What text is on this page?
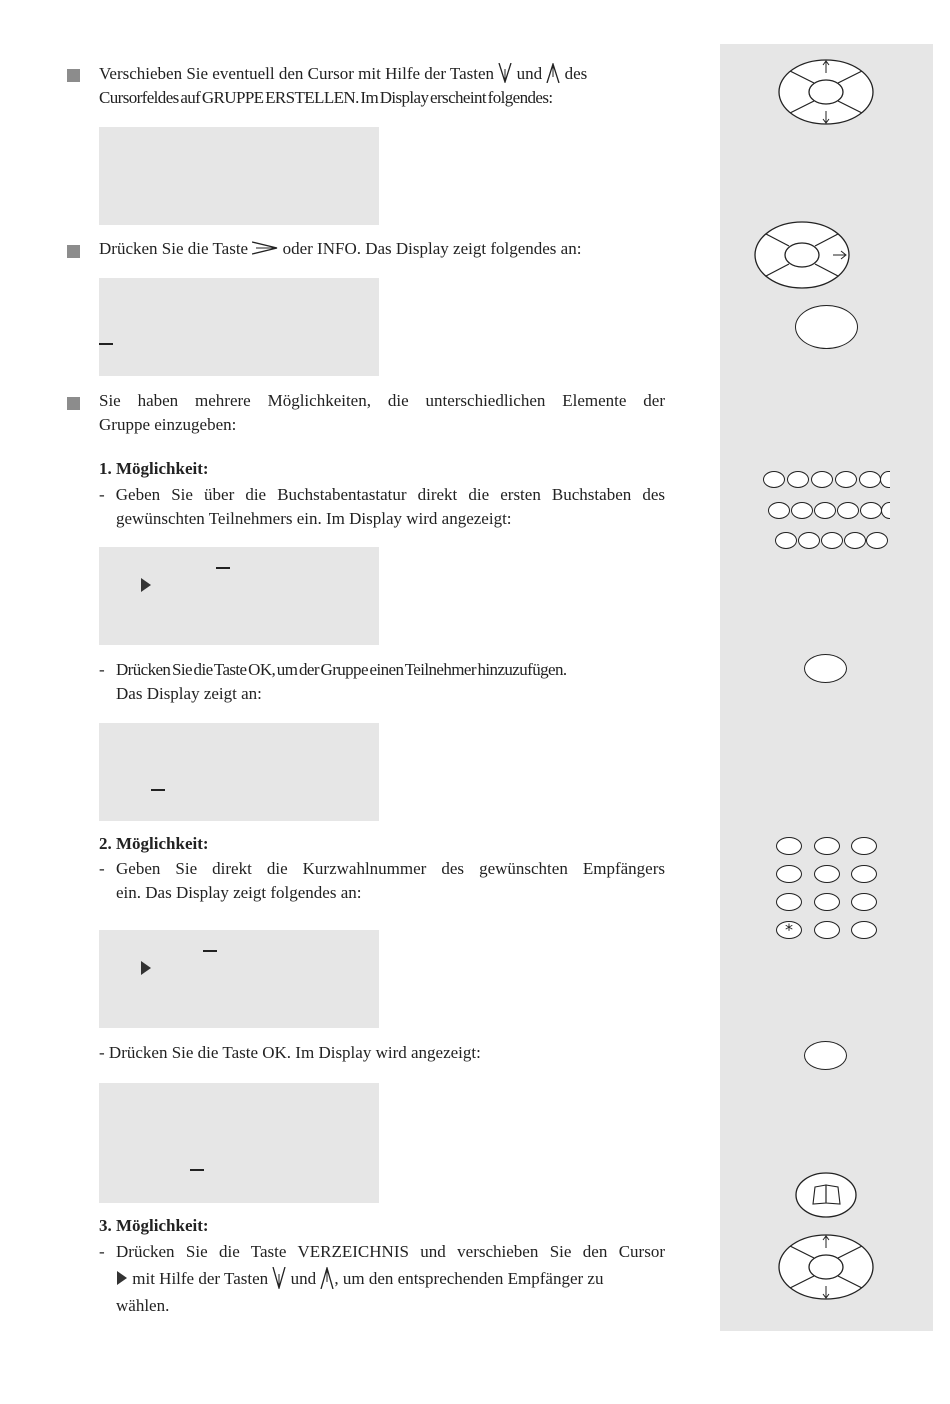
Verschieben Sie eventuell den Cursor mit Hilfe der Tasten und des
Cursorfeldes auf GRUPPE ERSTELLEN. Im Display erscheint folgendes:
Drücken Sie die Taste oder INFO. Das Display zeigt folgendes an:
Sie haben mehrere Möglichkeiten, die unterschiedlichen Elemente der
Gruppe einzugeben:
1. Möglichkeit:
- Geben Sie über die Buchstabentastatur direkt die ersten Buchstaben des
gewünschten Teilnehmers ein. Im Display wird angezeigt:
- Drücken Sie die Taste OK, um der Gruppe einen Teilnehmer hinzuzufügen.
Das Display zeigt an:
2. Möglichkeit:
- Geben Sie direkt die Kurzwahlnummer des gewünschten Empfängers
ein. Das Display zeigt folgendes an:
- Drücken Sie die Taste OK. Im Display wird angezeigt:
3. Möglichkeit:
- Drücken Sie die Taste VERZEICHNIS und verschieben Sie den Cursor
mit Hilfe der Tasten und , um den entsprechenden Empfänger zu
wählen.
*
